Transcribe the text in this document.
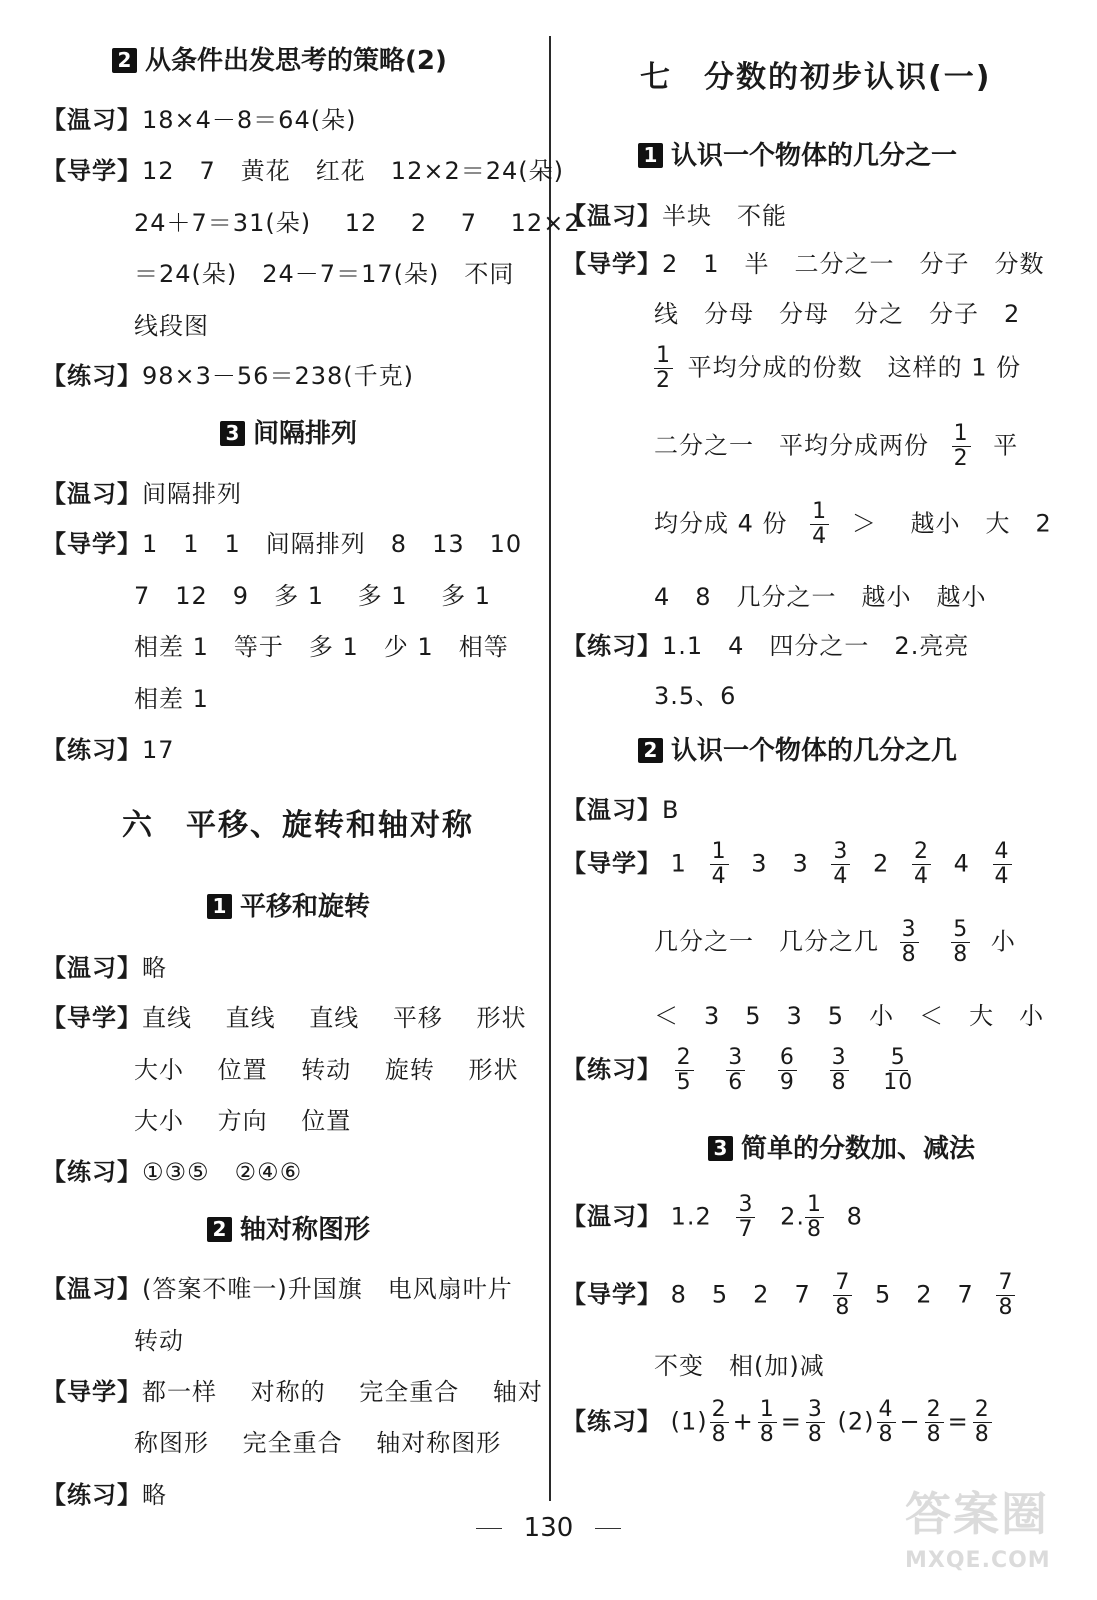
2 从条件出发思考的策略(2)
【温习】18×4－8＝64(朵)
【导学】12　7　黄花　红花　12×2＝24(朵)
24＋7＝31(朵)　 12　 2　 7　 12×2
＝24(朵)　24－7＝17(朵)　不同
线段图
【练习】98×3－56＝238(千克)
3 间隔排列
【温习】间隔排列
【导学】1　1　1　间隔排列　8　13　10
7　12　9　多 1　 多 1　 多 1
相差 1　等于　多 1　少 1　相等
相差 1
【练习】17
六　平移、旋转和轴对称
1 平移和旋转
【温习】略
【导学】直线　 直线　 直线　 平移　 形状
大小　 位置　 转动　 旋转　 形状
大小　 方向　 位置
【练习】①③⑤　②④⑥
2 轴对称图形
【温习】(答案不唯一)升国旗　电风扇叶片
转动
【导学】都一样　 对称的　 完全重合　 轴对
称图形　 完全重合　 轴对称图形
【练习】略
七　分数的初步认识(一)
1 认识一个物体的几分之一
【温习】半块　不能
【导学】2　1　半　二分之一　分子　分数
线　分母　分母　分之　分子　2
$\frac{1}{2}$ 平均分成的份数　这样的 1 份
二分之一　平均分成两份 $\frac{1}{2}$ 平
均分成 4 份 $\frac{1}{4}$ ＞　 越小　大　2
4　8　几分之一　越小　越小
【练习】1.1　4　四分之一　2.亮亮
3.5、6
2 认识一个物体的几分之几
【温习】B
【导学】 $1 \frac{1}{4} 3$　 $3 \frac{3}{4} 2 \frac{2}{4} 4 \frac{4}{4}$
几分之一　几分之几 $\frac{3}{8}$
$\frac{5}{8}$ 小
＜　3　5　3　5　小　＜　大　小
【练习】 $\frac{2}{5}$
$\frac{3}{6}$
$\frac{6}{9}$
$\frac{3}{8}$
$\frac{5}{10}$
3 简单的分数加、减法
【温习】 $1.2 \frac{3}{7} 2$. $\frac{1}{8} 8$
【导学】 8　5　2　$7 \frac{7}{8} 5$　2　$7 \frac{7}{8}$
不变　相(加)减
【练习】 $(1) \frac{2}{8} + \frac{1}{8} = \frac{3}{8} (2) \frac{4}{8} - \frac{2}{8} = \frac{2}{8}$
130	答案圈
MXQE.COM
